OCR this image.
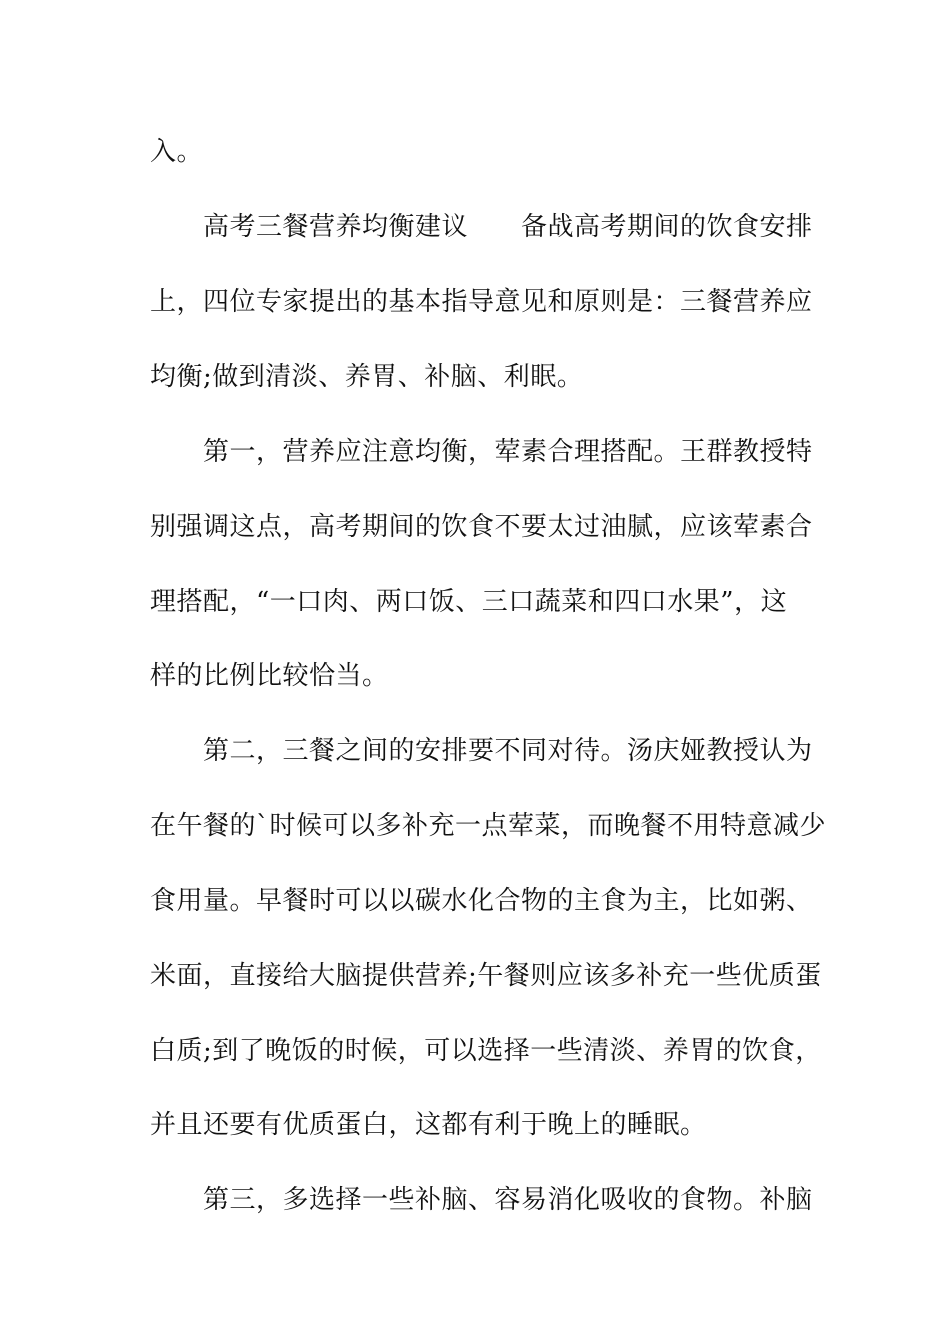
入。
高考三餐营养均衡建议　　备战高考期间的饮食安排
上，四位专家提出的基本指导意见和原则是：三餐营养应
均衡;做到清淡、养胃、补脑、利眠。
第一，营养应注意均衡，荤素合理搭配。王群教授特
别强调这点，高考期间的饮食不要太过油腻，应该荤素合
理搭配，“一口肉、两口饭、三口蔬菜和四口水果”，这
样的比例比较恰当。
第二，三餐之间的安排要不同对待。汤庆娅教授认为
在午餐的`时候可以多补充一点荤菜，而晚餐不用特意减少
食用量。早餐时可以以碳水化合物的主食为主，比如粥、
米面，直接给大脑提供营养;午餐则应该多补充一些优质蛋
白质;到了晚饭的时候，可以选择一些清淡、养胃的饮食，
并且还要有优质蛋白，这都有利于晚上的睡眠。
第三，多选择一些补脑、容易消化吸收的食物。补脑
